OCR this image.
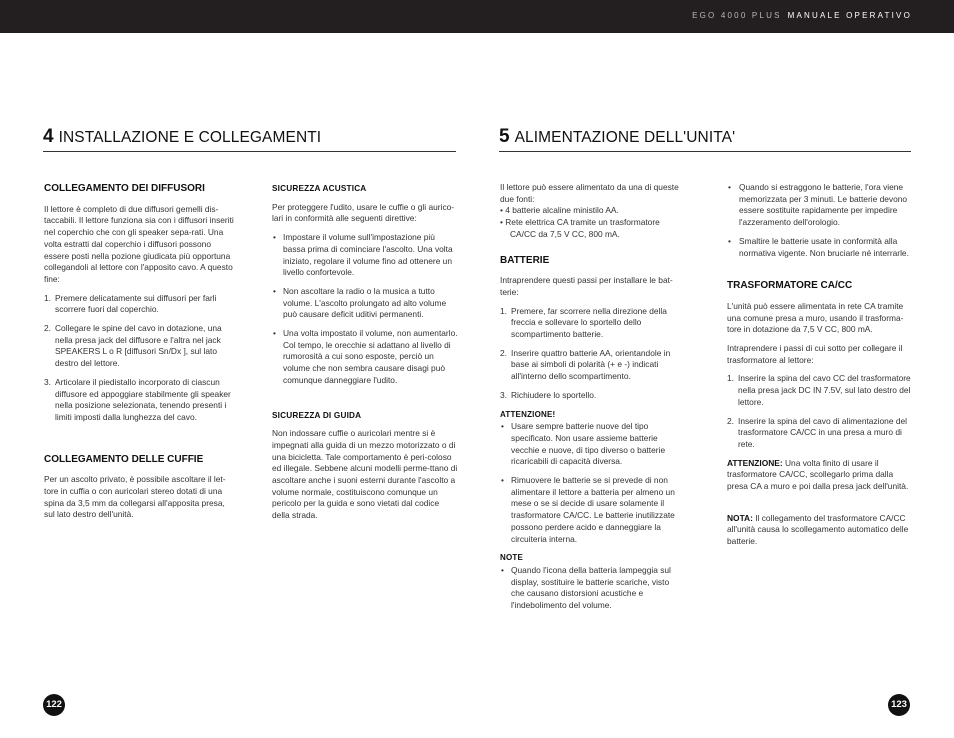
EGO 4000 PLUS MANUALE OPERATIVO
4 INSTALLAZIONE E COLLEGAMENTI	5 ALIMENTAZIONE DELL'UNITA'
COLLEGAMENTO DEI DIFFUSORI
Il lettore è completo di due diffusori gemelli dis-taccabili. Il lettore funziona sia con i diffusori inseriti nel coperchio che con gli speaker sepa-rati. Una volta estratti dal coperchio i diffusori possono essere posti nella pozione giudicata più opportuna collegandoli al lettore con l'apposito cavo. A questo fine:
1. Premere delicatamente sui diffusori per farli scorrere fuori dal coperchio.
2. Collegare le spine del cavo in dotazione, una nella presa jack del diffusore e l'altra nel jack SPEAKERS L o R [diffusori Sn/Dx ], sul lato destro del lettore.
3. Articolare il piedistallo incorporato di ciascun diffusore ed appoggiare stabilmente gli speaker nella posizione selezionata, tenendo presenti i limiti imposti dalla lunghezza del cavo.
COLLEGAMENTO DELLE CUFFIE
Per un ascolto privato, è possibile ascoltare il let-tore in cuffia o con auricolari stereo dotati di una spina da 3,5 mm da collegarsi all'apposita presa, sul lato destro dell'unità.
SICUREZZA ACUSTICA
Per proteggere l'udito, usare le cuffie o gli aurico-lari in conformità alle seguenti direttive:
• Impostare il volume sull'impostazione più bassa prima di cominciare l'ascolto. Una volta iniziato, regolare il volume fino ad ottenere un livello confortevole.
• Non ascoltare la radio o la musica a tutto volume. L'ascolto prolungato ad alto volume può causare deficit uditivi permanenti.
• Una volta impostato il volume, non aumentarlo. Col tempo, le orecchie si adattano al livello di rumorosità a cui sono esposte, perciò un volume che non sembra causare disagi può comunque danneggiare l'udito.
SICUREZZA DI GUIDA
Non indossare cuffie o auricolari mentre si è impegnati alla guida di un mezzo motorizzato o di una bicicletta. Tale comportamento è peri-coloso ed illegale. Sebbene alcuni modelli perme-ttano di ascoltare anche i suoni esterni durante l'ascolto a volume normale, costituiscono comunque un pericolo per la guida e sono vietati dal codice della strada.
Il lettore può essere alimentato da una di queste due fonti:
• 4 batterie alcaline ministilo AA.
• Rete elettrica CA tramite un trasformatore
CA/CC da 7,5 V CC, 800 mA.
BATTERIE
Intraprendere questi passi per installare le bat-terie:
1. Premere, far scorrere nella direzione della freccia e sollevare lo sportello dello scompartimento batterie.
2. Inserire quattro batterie AA, orientandole in base ai simboli di polarità (+ e -) indicati all'interno dello scompartimento.
3. Richiudere lo sportello.
ATTENZIONE!
• Usare sempre batterie nuove del tipo specificato. Non usare assieme batterie vecchie e nuove, di tipo diverso o batterie ricaricabili di capacità diversa.
• Rimuovere le batterie se si prevede di non alimentare il lettore a batteria per almeno un mese o se si decide di usare solamente il trasformatore CA/CC. Le batterie inutilizzate possono perdere acido e danneggiare la circuiteria interna.
NOTE
• Quando l'icona della batteria lampeggia sul display, sostituire le batterie scariche, visto che causano distorsioni acustiche e l'indebolimento del volume.
• Quando si estraggono le batterie, l'ora viene memorizzata per 3 minuti. Le batterie devono essere sostituite rapidamente per impedire l'azzeramento dell'orologio.
• Smaltire le batterie usate in conformità alla normativa vigente. Non bruciarle né interrarle.
TRASFORMATORE CA/CC
L'unità può essere alimentata in rete CA tramite una comune presa a muro, usando il trasforma-tore in dotazione da 7,5 V CC, 800 mA.
Intraprendere i passi di cui sotto per collegare il trasformatore al lettore:
1. Inserire la spina del cavo CC del trasformatore nella presa jack DC IN 7.5V, sul lato destro del lettore.
2. Inserire la spina del cavo di alimentazione del trasformatore CA/CC in una presa a muro di rete.
ATTENZIONE: Una volta finito di usare il trasformatore CA/CC, scollegarlo prima dalla presa CA a muro e poi dalla presa jack dell'unità.
NOTA: Il collegamento del trasformatore CA/CC all'unità causa lo scollegamento automatico delle batterie.
122	123
